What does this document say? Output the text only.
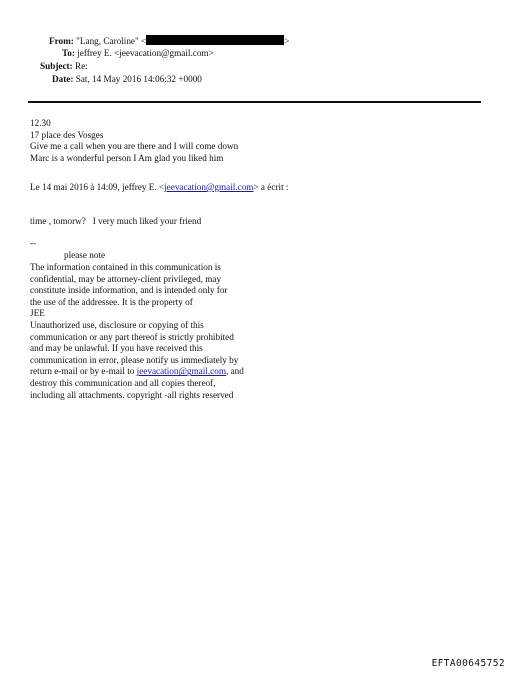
From: "Lang, Caroline" <	>
To: jeffrey E. <jeevacation@gmail.com>
Subject: Re:
Date: Sat, 14 May 2016 14:06:32 +0000
12.30
17 place des Vosges
Give me a call when you are there and I will come down
Marc is a wonderful person I Am glad you liked him
Le 14 mai 2016 à 14:09, jeffrey E. <jeevacation@gmail.com> a écrit :
time , tomorw?   I very much liked your friend
--
please note
The information contained in this communication is
confidential, may be attorney-client privileged, may
constitute inside information, and is intended only for
the use of the addressee. It is the property of
JEE
Unauthorized use, disclosure or copying of this
communication or any part thereof is strictly prohibited
and may be unlawful. If you have received this
communication in error, please notify us immediately by
return e-mail or by e-mail to jeevacation@gmail.com, and
destroy this communication and all copies thereof,
including all attachments. copyright -all rights reserved
EFTA00645752
